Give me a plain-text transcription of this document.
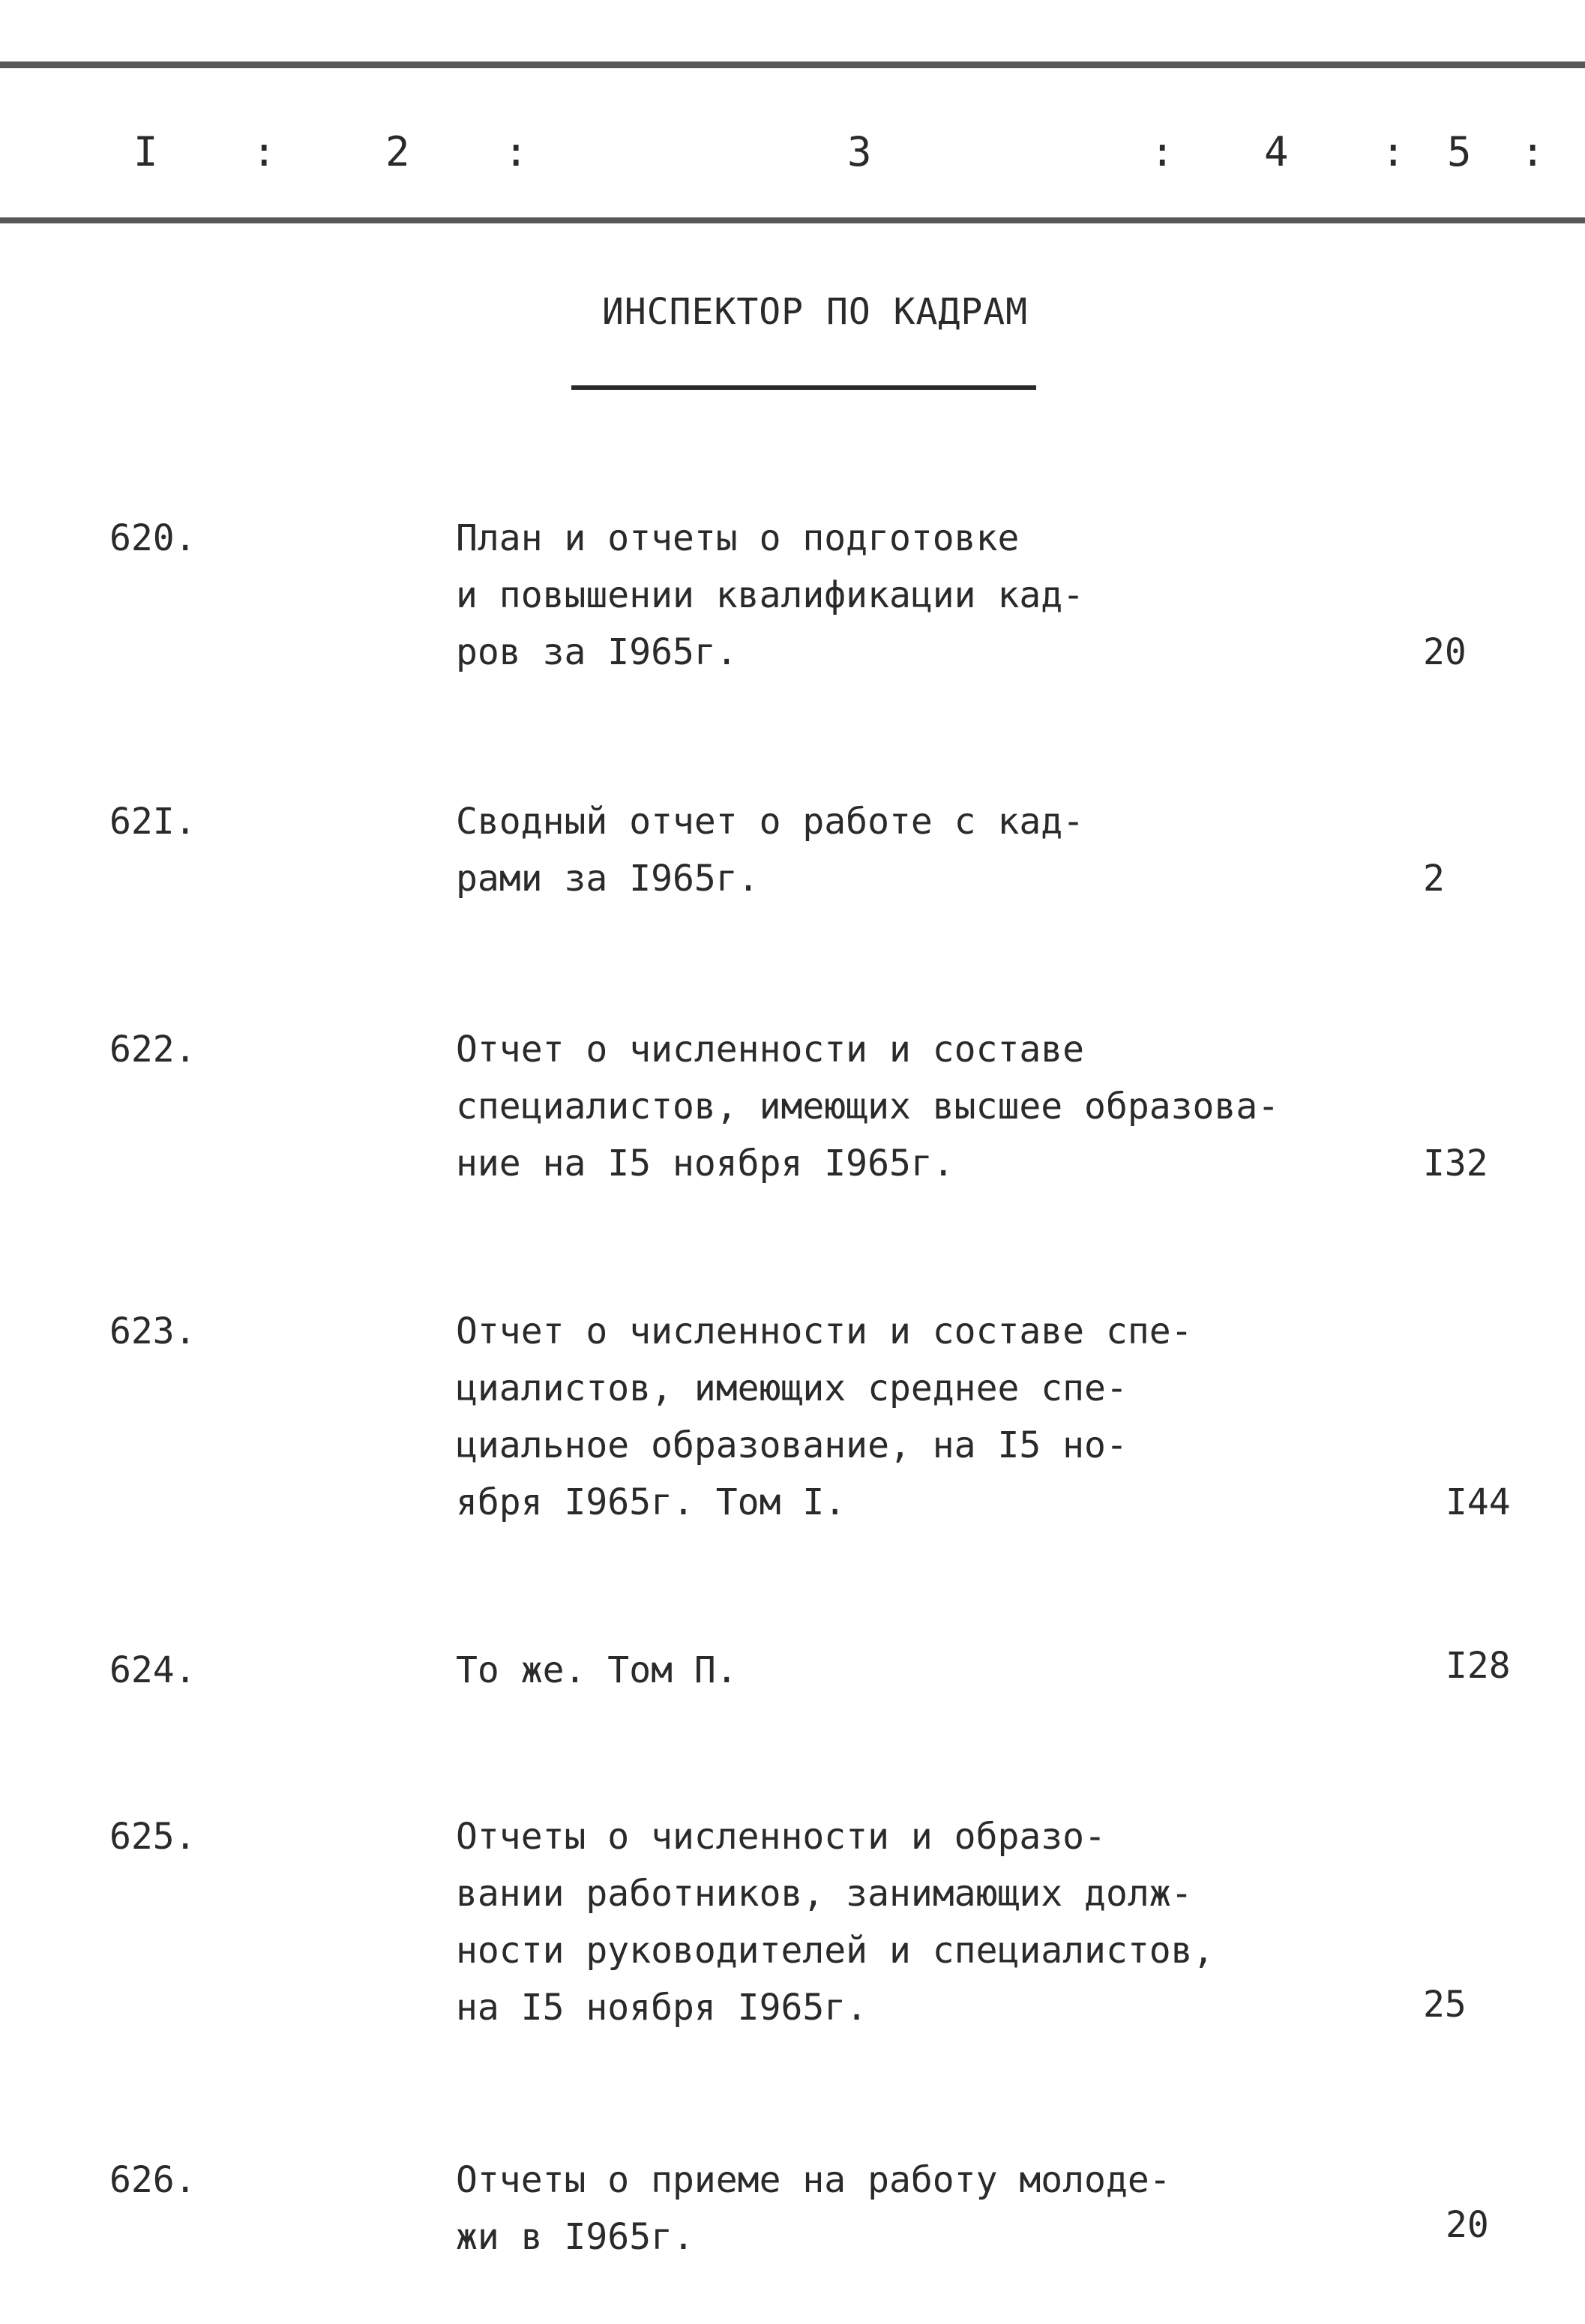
I :	2 :	3	: 4 : 5 :
ИНСПЕКТОР ПО КАДРАМ
620.	План и отчеты о подготовке
и повышении квалификации кад-
ров за I965г.	20
62I.	Сводный отчет о работе с кад-
рами за I965г.	2
622.	Отчет о численности и составе
специалистов, имеющих высшее образова-
ние на I5 ноября I965г.	I32
623.	Отчет о численности и составе спе-
циалистов, имеющих среднее спе-
циальное образование, на I5 но-
ября I965г. Том I.	I44
624.	То же. Том П.	I28
625.	Отчеты о численности и образо-
вании работников, занимающих долж-
ности руководителей и специалистов,
на I5 ноября I965г.	25
626.	Отчеты о приеме на работу молоде-
жи в I965г.	20
